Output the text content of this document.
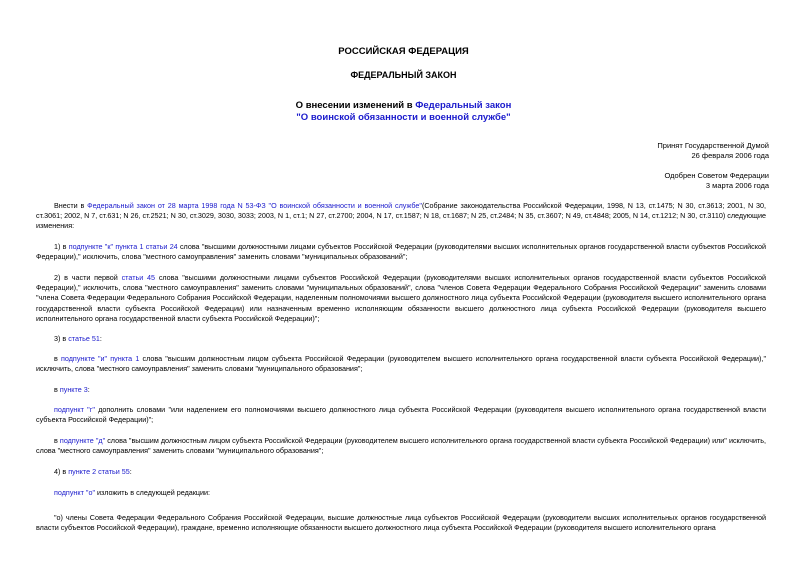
РОССИЙСКАЯ ФЕДЕРАЦИЯ
ФЕДЕРАЛЬНЫЙ ЗАКОН
О внесении изменений в Федеральный закон
"О воинской обязанности и военной службе"
Принят Государственной Думой
26 февраля 2006 года
Одобрен Советом Федерации
3 марта 2006 года
Внести в Федеральный закон от 28 марта 1998 года N 53-ФЗ "О воинской обязанности и военной службе"(Собрание законодательства Российской Федерации, 1998, N 13, ст.1475; N 30, ст.3613; 2001, N 30, ст.3061; 2002, N 7, ст.631; N 26, ст.2521; N 30, ст.3029, 3030, 3033; 2003, N 1, ст.1; N 27, ст.2700; 2004, N 17, ст.1587; N 18, ст.1687; N 25, ст.2484; N 35, ст.3607; N 49, ст.4848; 2005, N 14, ст.1212; N 30, ст.3110) следующие изменения:
1) в подпункте "к" пункта 1 статьи 24 слова "высшими должностными лицами субъектов Российской Федерации (руководителями высших исполнительных органов государственной власти субъектов Российской Федерации)," исключить, слова "местного самоуправления" заменить словами "муниципальных образований";
2) в части первой статьи 45 слова "высшими должностными лицами субъектов Российской Федерации (руководителями высших исполнительных органов государственной власти субъектов Российской Федерации)," исключить, слова "местного самоуправления" заменить словами "муниципальных образований", слова "членов Совета Федерации Федерального Собрания Российской Федерации" заменить словами "члена Совета Федерации Федерального Собрания Российской Федерации, наделенным полномочиями высшего должностного лица субъекта Российской Федерации (руководителя высшего исполнительного органа государственной власти субъекта Российской Федерации) или назначенным временно исполняющим обязанности высшего должностного лица субъекта Российской Федерации (руководителя высшего исполнительного органа государственной власти субъекта Российской Федерации)";
3) в статье 51:
в подпункте "и" пункта 1 слова "высшим должностным лицом субъекта Российской Федерации (руководителем высшего исполнительного органа государственной власти субъекта Российской Федерации)," исключить, слова "местного самоуправления" заменить словами "муниципального образования";
в пункте 3:
подпункт "г" дополнить словами "или наделением его полномочиями высшего должностного лица субъекта Российской Федерации (руководителя высшего исполнительного органа государственной власти субъекта Российской Федерации)";
в подпункте "д" слова "высшим должностным лицом субъекта Российской Федерации (руководителем высшего исполнительного органа государственной власти субъекта Российской Федерации) или" исключить, слова "местного самоуправления" заменить словами "муниципального образования";
4) в пункте 2 статьи 55:
подпункт "о" изложить в следующей редакции:
"о) члены Совета Федерации Федерального Собрания Российской Федерации, высшие должностные лица субъектов Российской Федерации (руководители высших исполнительных органов государственной власти субъектов Российской Федерации), граждане, временно исполняющие обязанности высшего должностного лица субъекта Российской Федерации (руководителя высшего исполнительного органа
